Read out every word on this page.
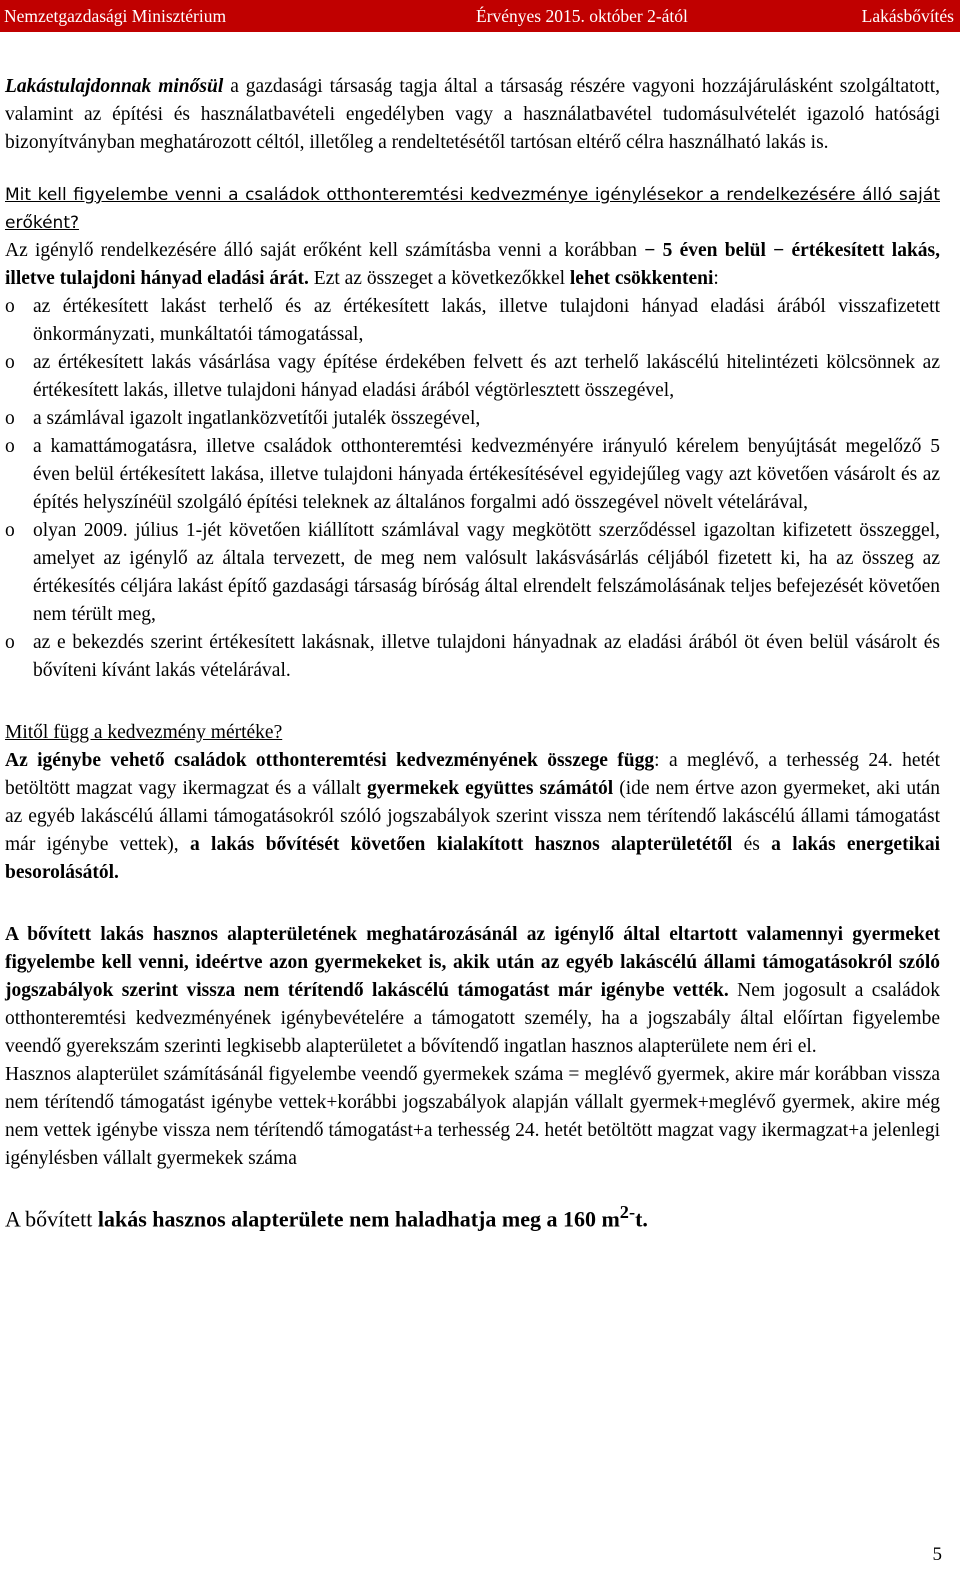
Nemzetgazdasági Minisztérium	Érvényes 2015. október 2-ától	Lakásbővítés

Lakástulajdonnak minősül a gazdasági társaság tagja által a társaság részére vagyoni hozzájárulásként szolgáltatott, valamint az építési és használatbavételi engedélyben vagy a használatbavétel tudomásulvételét igazoló hatósági bizonyítványban meghatározott céltól, illetőleg a rendeltetésétől tartósan eltérő célra használható lakás is.

Mit kell figyelembe venni a családok otthonteremtési kedvezménye igénylésekor a rendelkezésére álló saját erőként?

Az igénylő rendelkezésére álló saját erőként kell számításba venni a korábban − 5 éven belül − értékesített lakás, illetve tulajdoni hányad eladási árát. Ezt az összeget a következőkkel lehet csökkenteni:

o az értékesített lakást terhelő és az értékesített lakás, illetve tulajdoni hányad eladási árából visszafizetett önkormányzati, munkáltatói támogatással,
o az értékesített lakás vásárlása vagy építése érdekében felvett és azt terhelő lakáscélú hitelintézeti kölcsönnek az értékesített lakás, illetve tulajdoni hányad eladási árából végtörlesztett összegével,
o a számlával igazolt ingatlanközvetítői jutalék összegével,
o a kamattámogatásra, illetve családok otthonteremtési kedvezményére irányuló kérelem benyújtását megelőző 5 éven belül értékesített lakása, illetve tulajdoni hányada értékesítésével egyidejűleg vagy azt követően vásárolt és az építés helyszínéül szolgáló építési teleknek az általános forgalmi adó összegével növelt vételárával,
o olyan 2009. július 1-jét követően kiállított számlával vagy megkötött szerződéssel igazoltan kifizetett összeggel, amelyet az igénylő az általa tervezett, de meg nem valósult lakásvásárlás céljából fizetett ki, ha az összeg az értékesítés céljára lakást építő gazdasági társaság bíróság által elrendelt felszámolásának teljes befejezését követően nem térült meg,
o az e bekezdés szerint értékesített lakásnak, illetve tulajdoni hányadnak az eladási árából öt éven belül vásárolt és bővíteni kívánt lakás vételárával.

Mitől függ a kedvezmény mértéke?

Az igénybe vehető családok otthonteremtési kedvezményének összege függ: a meglévő, a terhesség 24. hetét betöltött magzat vagy ikermagzat és a vállalt gyermekek együttes számától (ide nem értve azon gyermeket, aki után az egyéb lakáscélú állami támogatásokról szóló jogszabályok szerint vissza nem térítendő lakáscélú állami támogatást már igénybe vettek), a lakás bővítését követően kialakított hasznos alapterületétől és a lakás energetikai besorolásától.

A bővített lakás hasznos alapterületének meghatározásánál az igénylő által eltartott valamennyi gyermeket figyelembe kell venni, ideértve azon gyermekeket is, akik után az egyéb lakáscélú állami támogatásokról szóló jogszabályok szerint vissza nem térítendő lakáscélú támogatást már igénybe vették. Nem jogosult a családok otthonteremtési kedvezményének igénybevételére a támogatott személy, ha a jogszabály által előírtan figyelembe veendő gyerekszám szerinti legkisebb alapterületet a bővítendő ingatlan hasznos alapterülete nem éri el.

Hasznos alapterület számításánál figyelembe veendő gyermekek száma = meglévő gyermek, akire már korábban vissza nem térítendő támogatást igénybe vettek+korábbi jogszabályok alapján vállalt gyermek+meglévő gyermek, akire még nem vettek igénybe vissza nem térítendő támogatást+a terhesség 24. hetét betöltött magzat vagy ikermagzat+a jelenlegi igénylésben vállalt gyermekek száma

A bővített lakás hasznos alapterülete nem haladhatja meg a 160 $m^{2-}t$.

5
